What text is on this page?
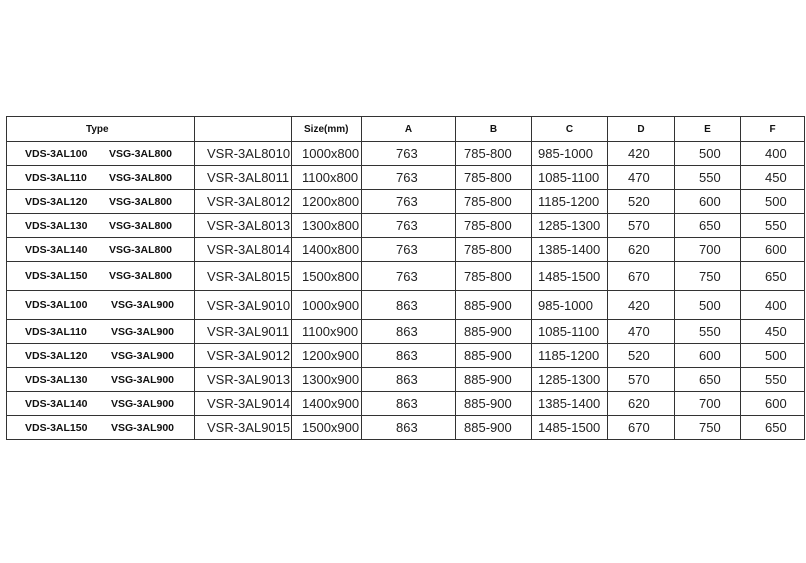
Type		Size(mm)	A	B	C	D	E	F
VDS-3AL100 VSG-3AL800	VSR-3AL8010	1000x800	763	785-800	985-1000	420	500	400
VDS-3AL110 VSG-3AL800	VSR-3AL8011	1100x800	763	785-800	1085-1100	470	550	450
VDS-3AL120 VSG-3AL800	VSR-3AL8012	1200x800	763	785-800	1185-1200	520	600	500
VDS-3AL130 VSG-3AL800	VSR-3AL8013	1300x800	763	785-800	1285-1300	570	650	550
VDS-3AL140 VSG-3AL800	VSR-3AL8014	1400x800	763	785-800	1385-1400	620	700	600
VDS-3AL150 VSG-3AL800	VSR-3AL8015	1500x800	763	785-800	1485-1500	670	750	650
VDS-3AL100 VSG-3AL900	VSR-3AL9010	1000x900	863	885-900	985-1000	420	500	400
VDS-3AL110 VSG-3AL900	VSR-3AL9011	1100x900	863	885-900	1085-1100	470	550	450
VDS-3AL120 VSG-3AL900	VSR-3AL9012	1200x900	863	885-900	1185-1200	520	600	500
VDS-3AL130 VSG-3AL900	VSR-3AL9013	1300x900	863	885-900	1285-1300	570	650	550
VDS-3AL140 VSG-3AL900	VSR-3AL9014	1400x900	863	885-900	1385-1400	620	700	600
VDS-3AL150 VSG-3AL900	VSR-3AL9015	1500x900	863	885-900	1485-1500	670	750	650
